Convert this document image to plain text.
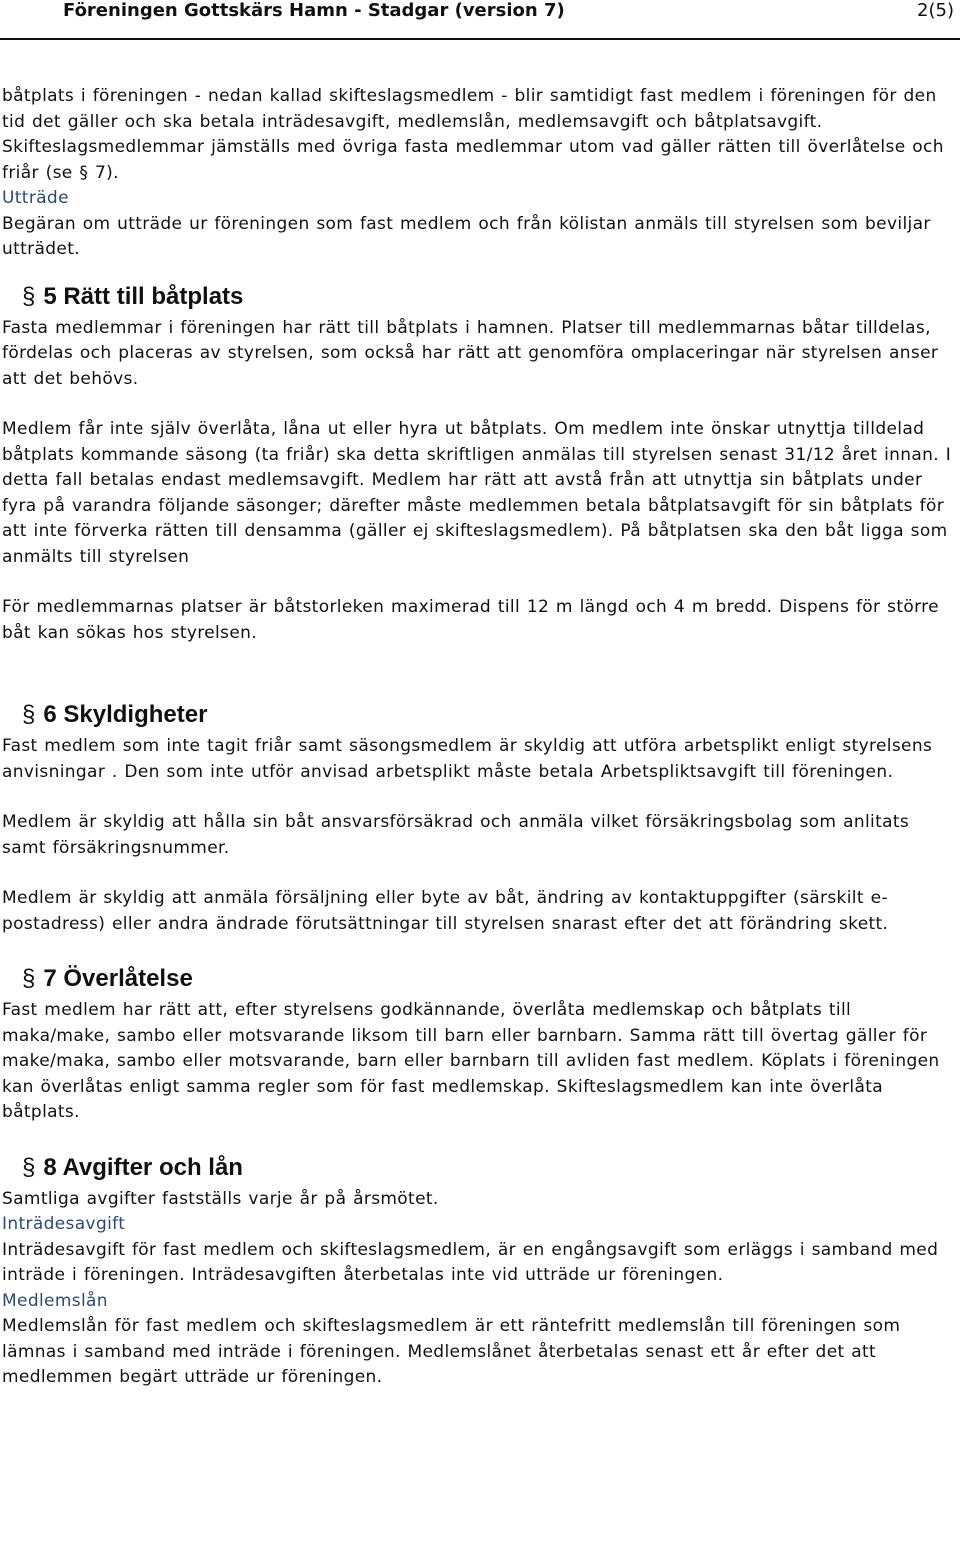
Föreningen Gottskärs Hamn - Stadgar (version 7)	2(5)

båtplats i föreningen - nedan kallad skifteslagsmedlem - blir samtidigt fast medlem i föreningen för den tid det gäller och ska betala inträdesavgift, medlemslån, medlemsavgift och båtplatsavgift. Skifteslagsmedlemmar jämställs med övriga fasta medlemmar utom vad gäller rätten till överlåtelse och friår (se § 7).

Utträde

Begäran om utträde ur föreningen som fast medlem och från kölistan anmäls till styrelsen som beviljar utträdet.

§ 5 Rätt till båtplats

Fasta medlemmar i föreningen har rätt till båtplats i hamnen. Platser till medlemmarnas båtar tilldelas, fördelas och placeras av styrelsen, som också har rätt att genomföra omplaceringar när styrelsen anser att det behövs.

Medlem får inte själv överlåta, låna ut eller hyra ut båtplats. Om medlem inte önskar utnyttja tilldelad båtplats kommande säsong (ta friår) ska detta skriftligen anmälas till styrelsen senast 31/12 året innan. I detta fall betalas endast medlemsavgift. Medlem har rätt att avstå från att utnyttja sin båtplats under fyra på varandra följande säsonger; därefter måste medlemmen betala båtplatsavgift för sin båtplats för att inte förverka rätten till densamma (gäller ej skifteslagsmedlem). På båtplatsen ska den båt ligga som anmälts till styrelsen

För medlemmarnas platser är båtstorleken maximerad till 12 m längd och 4 m bredd. Dispens för större båt kan sökas hos styrelsen.

§ 6 Skyldigheter

Fast medlem som inte tagit friår samt säsongsmedlem är skyldig att utföra arbetsplikt enligt styrelsens anvisningar . Den som inte utför anvisad arbetsplikt måste betala Arbetspliktsavgift till föreningen.

Medlem är skyldig att hålla sin båt ansvarsförsäkrad och anmäla vilket försäkringsbolag som anlitats samt försäkringsnummer.

Medlem är skyldig att anmäla försäljning eller byte av båt, ändring av kontaktuppgifter (särskilt e-postadress) eller andra ändrade förutsättningar till styrelsen snarast efter det att förändring skett.

§ 7 Överlåtelse

Fast medlem har rätt att, efter styrelsens godkännande, överlåta medlemskap och båtplats till maka/make, sambo eller motsvarande liksom till barn eller barnbarn. Samma rätt till övertag gäller för make/maka, sambo eller motsvarande, barn eller barnbarn till avliden fast medlem. Köplats i föreningen kan överlåtas enligt samma regler som för fast medlemskap. Skifteslagsmedlem kan inte överlåta båtplats.

§ 8 Avgifter och lån

Samtliga avgifter fastställs varje år på årsmötet.

Inträdesavgift

Inträdesavgift för fast medlem och skifteslagsmedlem, är en engångsavgift som erläggs i samband med inträde i föreningen. Inträdesavgiften återbetalas inte vid utträde ur föreningen.

Medlemslån

Medlemslån för fast medlem och skifteslagsmedlem är ett räntefritt medlemslån till föreningen som lämnas i samband med inträde i föreningen. Medlemslånet återbetalas senast ett år efter det att medlemmen begärt utträde ur föreningen.
